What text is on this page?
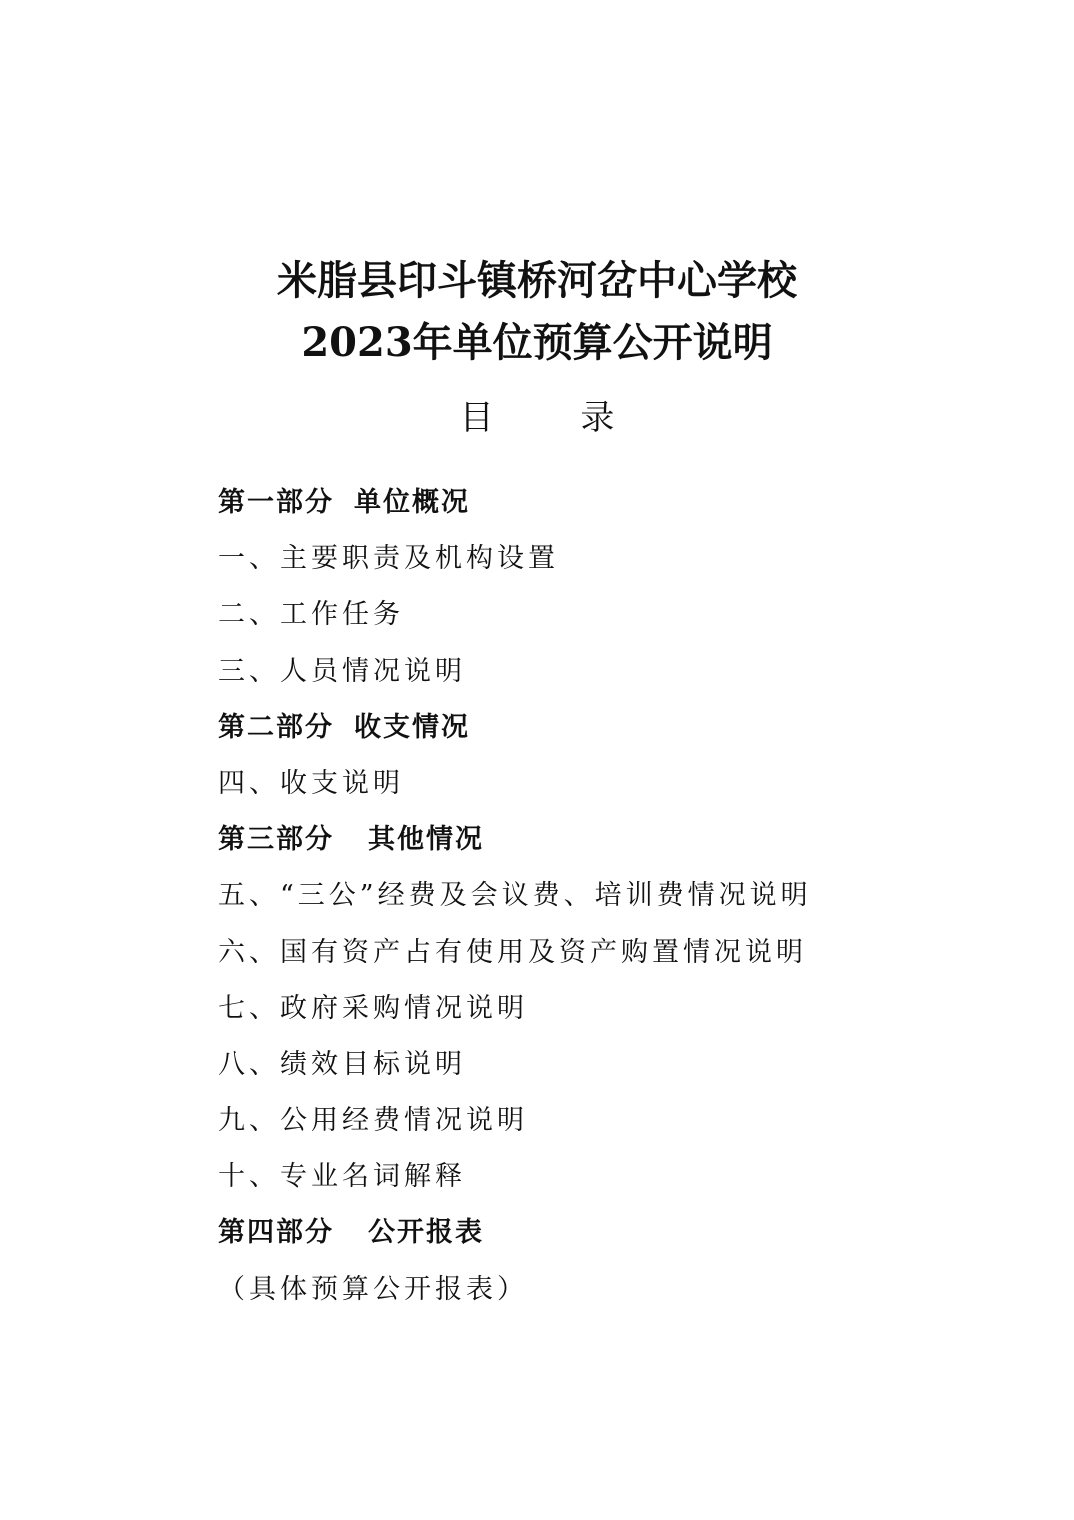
米脂县印斗镇桥河岔中心学校
2023年单位预算公开说明
目 录
第一部分 单位概况
一、主要职责及机构设置
二、工作任务
三、人员情况说明
第二部分 收支情况
四、收支说明
第三部分 其他情况
五、“三公”经费及会议费、培训费情况说明
六、国有资产占有使用及资产购置情况说明
七、政府采购情况说明
八、绩效目标说明
九、公用经费情况说明
十、专业名词解释
第四部分 公开报表
（具体预算公开报表）
